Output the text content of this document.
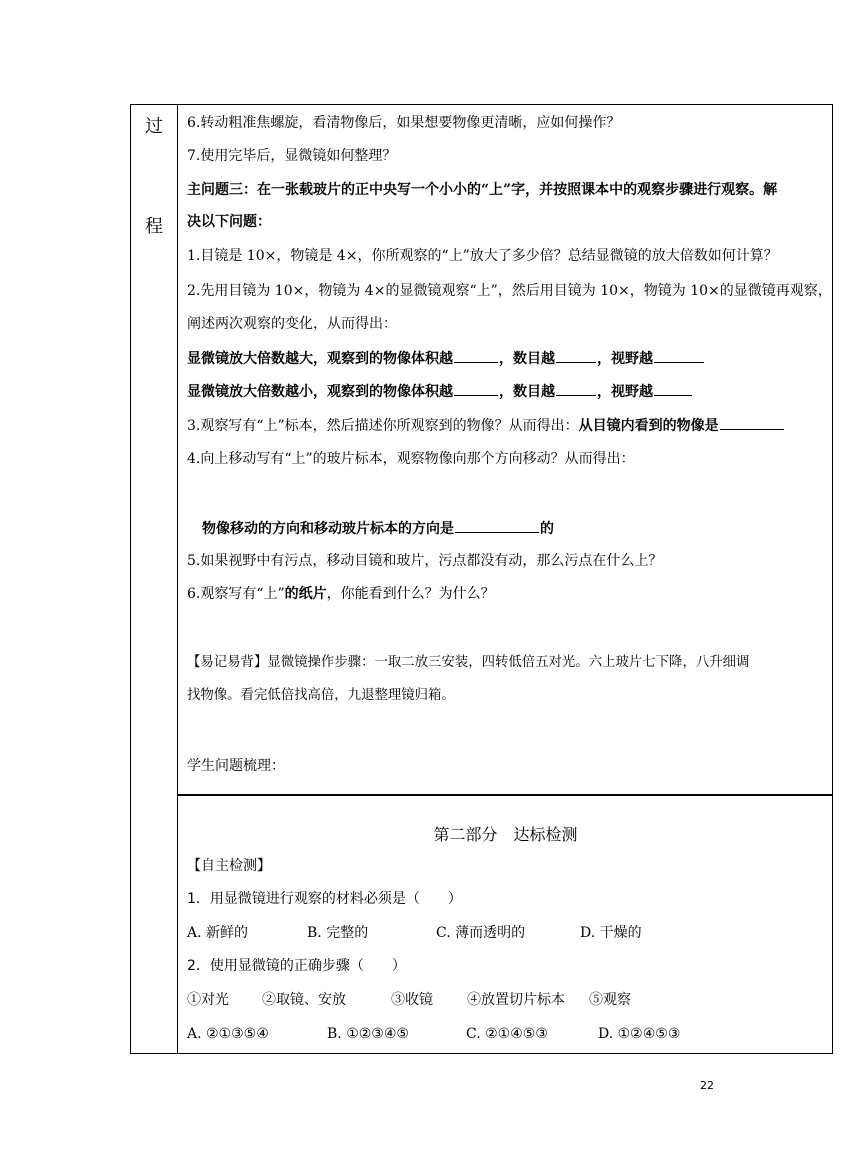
过
程
6.转动粗准焦螺旋，看清物像后，如果想要物像更清晰，应如何操作？
7.使用完毕后，显微镜如何整理？
主问题三：在一张载玻片的正中央写一个小小的“上”字，并按照课本中的观察步骤进行观察。解
决以下问题：
1.目镜是 10×，物镜是 4×，你所观察的“上”放大了多少倍？总结显微镜的放大倍数如何计算？
2.先用目镜为 10×，物镜为 4×的显微镜观察“上”，然后用目镜为 10×，物镜为 10×的显微镜再观察，
阐述两次观察的变化，从而得出：
显微镜放大倍数越大，观察到的物像体积越	，数目越	，视野越
显微镜放大倍数越小，观察到的物像体积越	，数目越	，视野越
3.观察写有“上”标本，然后描述你所观察到的物像？从而得出：从目镜内看到的物像是
4.向上移动写有“上”的玻片标本，观察物像向那个方向移动？从而得出：
物像移动的方向和移动玻片标本的方向是	的
5.如果视野中有污点，移动目镜和玻片，污点都没有动，那么污点在什么上？
6.观察写有“上”的纸片，你能看到什么？为什么？
【易记易背】显微镜操作步骤：一取二放三安装，四转低倍五对光。六上玻片七下降，八升细调
找物像。看完低倍找高倍，九退整理镜归箱。
学生问题梳理：
第二部分　达标检测
【自主检测】
1．用显微镜进行观察的材料必须是（　　）
A. 新鲜的	B. 完整的	C. 薄而透明的	D. 干燥的
2．使用显微镜的正确步骤（　　）
①对光 ②取镜、安放	③收镜 ④放置切片标本 ⑤观察
A. ②①③⑤④	B. ①②③④⑤	C. ②①④⑤③	D. ①②④⑤③
22
